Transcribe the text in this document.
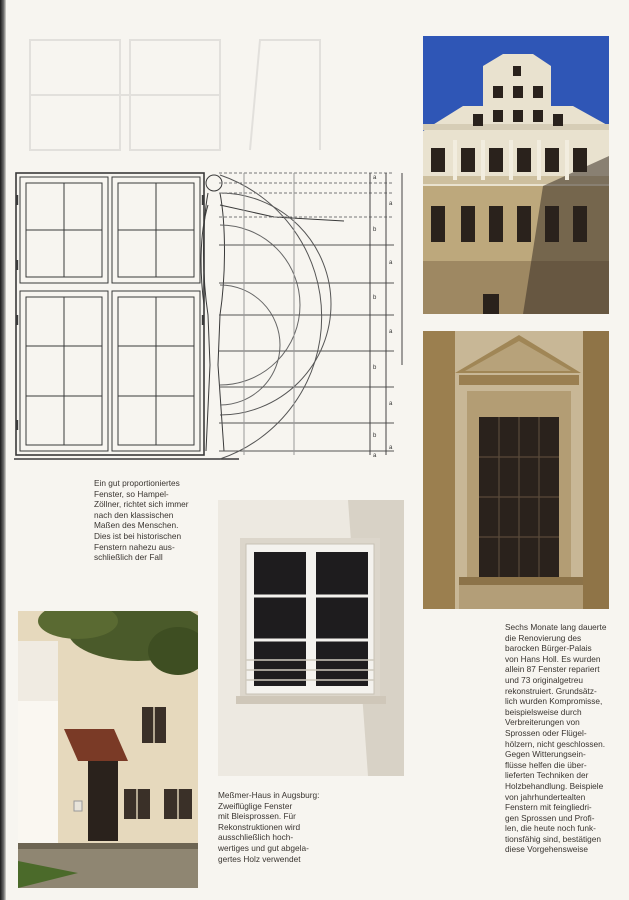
a
a
b
a
b
a
b
a
b
a
a
Ein gut proportioniertes
Fenster, so Hampel-
Zöllner, richtet sich immer
nach den klassischen
Maßen des Menschen.
Dies ist bei historischen
Fenstern nahezu aus-
schließlich der Fall
Meßmer-Haus in Augsburg:
Zweiflüglige Fenster
mit Bleisprossen. Für
Rekonstruktionen wird
ausschließlich hoch-
wertiges und gut abgela-
gertes Holz verwendet
Sechs Monate lang dauerte
die Renovierung des
barocken Bürger-Palais
von Hans Holl. Es wurden
allein 87 Fenster repariert
und 73 originalgetreu
rekonstruiert. Grundsätz-
lich wurden Kompromisse,
beispielsweise durch
Verbreiterungen von
Sprossen oder Flügel-
hölzern, nicht geschlossen.
Gegen Witterungsein-
flüsse helfen die über-
lieferten Techniken der
Holzbehandlung. Beispiele
von jahrhundertealten
Fenstern mit feingliedri-
gen Sprossen und Profi-
len, die heute noch funk-
tionsfähig sind, bestätigen
diese Vorgehensweise
